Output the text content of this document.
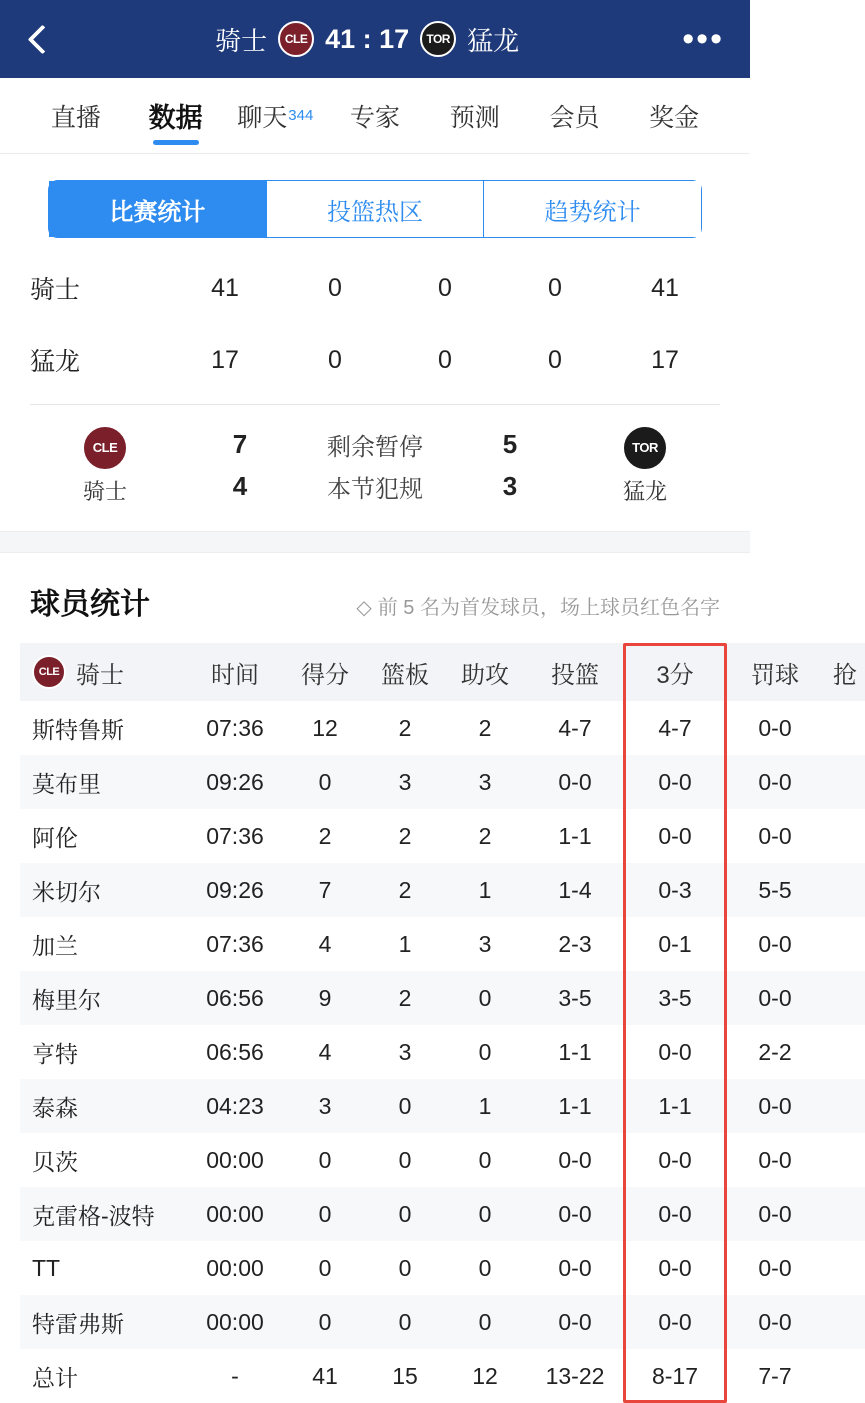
骑士	CLE 41 : 17	TOR 猛龙	•••
直播 数据 聊天 344 专家 预测 会员 奖金
比赛统计	投篮热区	趋势统计
骑士	41	0	0	0	41
猛龙	17	0	0	0	17
CLE
骑士
7	剩余暂停	5
4	本节犯规	3
TOR
猛龙
球员统计	◇ 前 5 名为首发球员，场上球员红色名字
CLE 骑士	时间	得分	篮板	助攻	投篮	3分	罚球	抢
斯特鲁斯	07:36	12	2	2	4-7	4-7	0-0	
莫布里	09:26	0	3	3	0-0	0-0	0-0	
阿伦	07:36	2	2	2	1-1	0-0	0-0	
米切尔	09:26	7	2	1	1-4	0-3	5-5	
加兰	07:36	4	1	3	2-3	0-1	0-0	
梅里尔	06:56	9	2	0	3-5	3-5	0-0	
亨特	06:56	4	3	0	1-1	0-0	2-2	
泰森	04:23	3	0	1	1-1	1-1	0-0	
贝茨	00:00	0	0	0	0-0	0-0	0-0	
克雷格-波特	00:00	0	0	0	0-0	0-0	0-0	
TT	00:00	0	0	0	0-0	0-0	0-0	
特雷弗斯	00:00	0	0	0	0-0	0-0	0-0	
总计	-	41	15	12	13-22	8-17	7-7	
